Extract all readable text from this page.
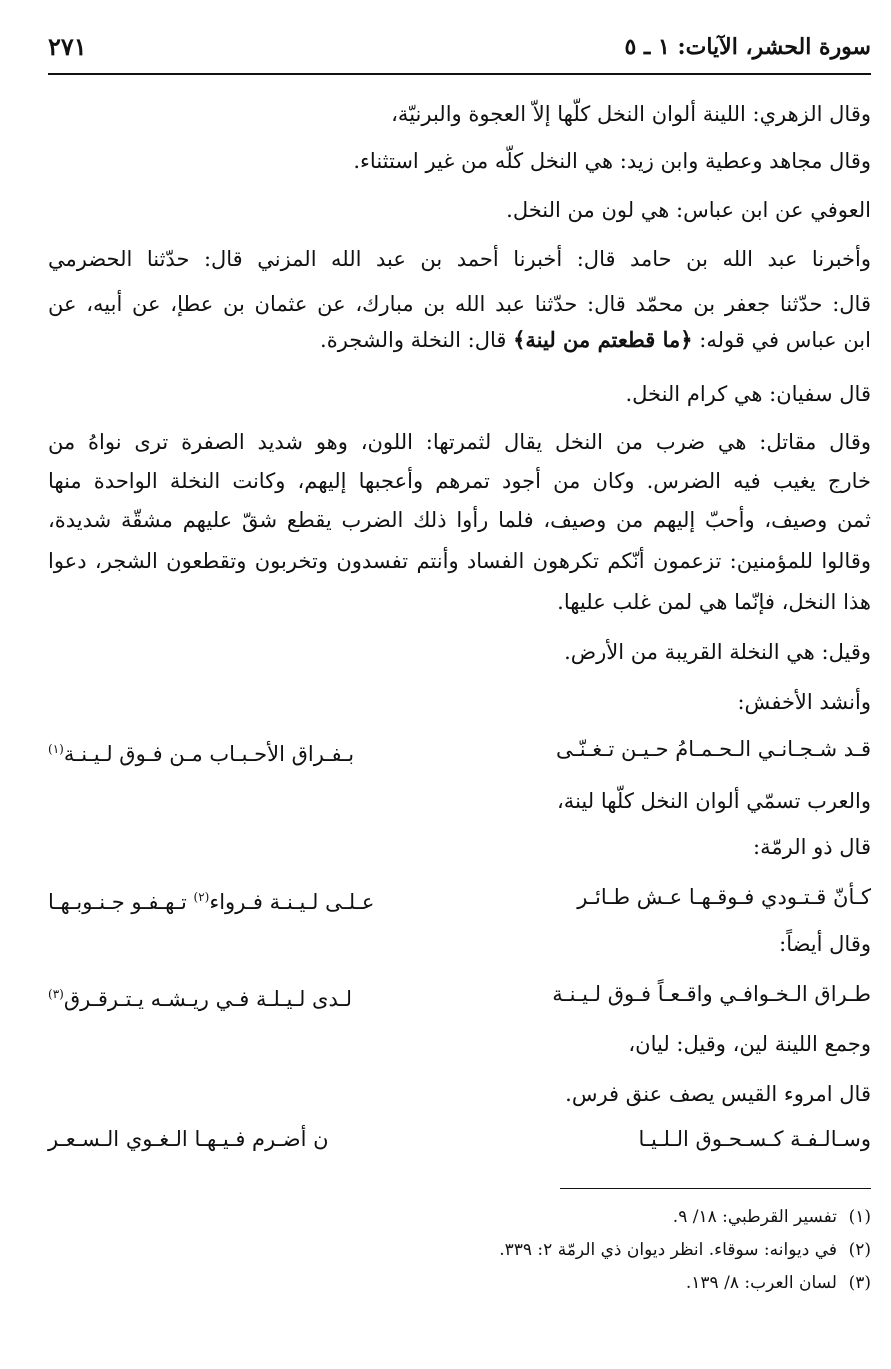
سورة الحشر، الآيات: ١ ـ ٥
٢٧١
وقال الزهري: اللينة ألوان النخل كلّها إلاّ العجوة والبرنيّة،
وقال مجاهد وعطية وابن زيد: هي النخل كلّه من غير استثناء.
العوفي عن ابن عباس: هي لون من النخل.
وأخبرنا عبد الله بن حامد قال: أخبرنا أحمد بن عبد الله المزني قال: حدّثنا الحضرمي
قال: حدّثنا جعفر بن محمّد قال: حدّثنا عبد الله بن مبارك، عن عثمان بن عطإ، عن أبيه، عن
ابن عباس في قوله: ﴿ما قطعتم من لينة﴾ قال: النخلة والشجرة.
قال سفيان: هي كرام النخل.
وقال مقاتل: هي ضرب من النخل يقال لثمرتها: اللون، وهو شديد الصفرة ترى نواهُ من
خارج يغيب فيه الضرس. وكان من أجود تمرهم وأعجبها إليهم، وكانت النخلة الواحدة منها
ثمن وصيف، وأحبّ إليهم من وصيف، فلما رأوا ذلك الضرب يقطع شقّ عليهم مشقّة شديدة،
وقالوا للمؤمنين: تزعمون أنّكم تكرهون الفساد وأنتم تفسدون وتخربون وتقطعون الشجر، دعوا
هذا النخل، فإنّما هي لمن غلب عليها.
وقيل: هي النخلة القريبة من الأرض.
وأنشد الأخفش:
قـد شـجـانـي الـحـمـامُ حـيـن تـغـنّـى
بـفـراق الأحـبـاب مـن فـوق لـيـنـة$^{(١)}$
والعرب تسمّي ألوان النخل كلّها لينة،
قال ذو الرمّة:
كـأنّ قـتـودي فـوقـهـا عـش طـائـر
عـلـى لـيـنـة فـرواء$^{(٢)}$ تـهـفـو جـنـوبـهـا
وقال أيضاً:
طـراق الـخـوافـي واقـعـاً فـوق لـيـنـة
لـدى لـيـلـة فـي ريـشـه يـتـرقـرق$^{(٣)}$
وجمع اللينة لين، وقيل: ليان،
قال امروء القيس يصف عنق فرس.
وسـالـفـة كـسـحـوق الـلـيـا
ن أضـرم فـيـهـا الـغـوي الـسـعـر
(١)تفسير القرطبي: ١٨/ ٩.
(٢)في ديوانه: سوقاء. انظر ديوان ذي الرمّة ٢: ٣٣٩.
(٣)لسان العرب: ٨/ ١٣٩.
